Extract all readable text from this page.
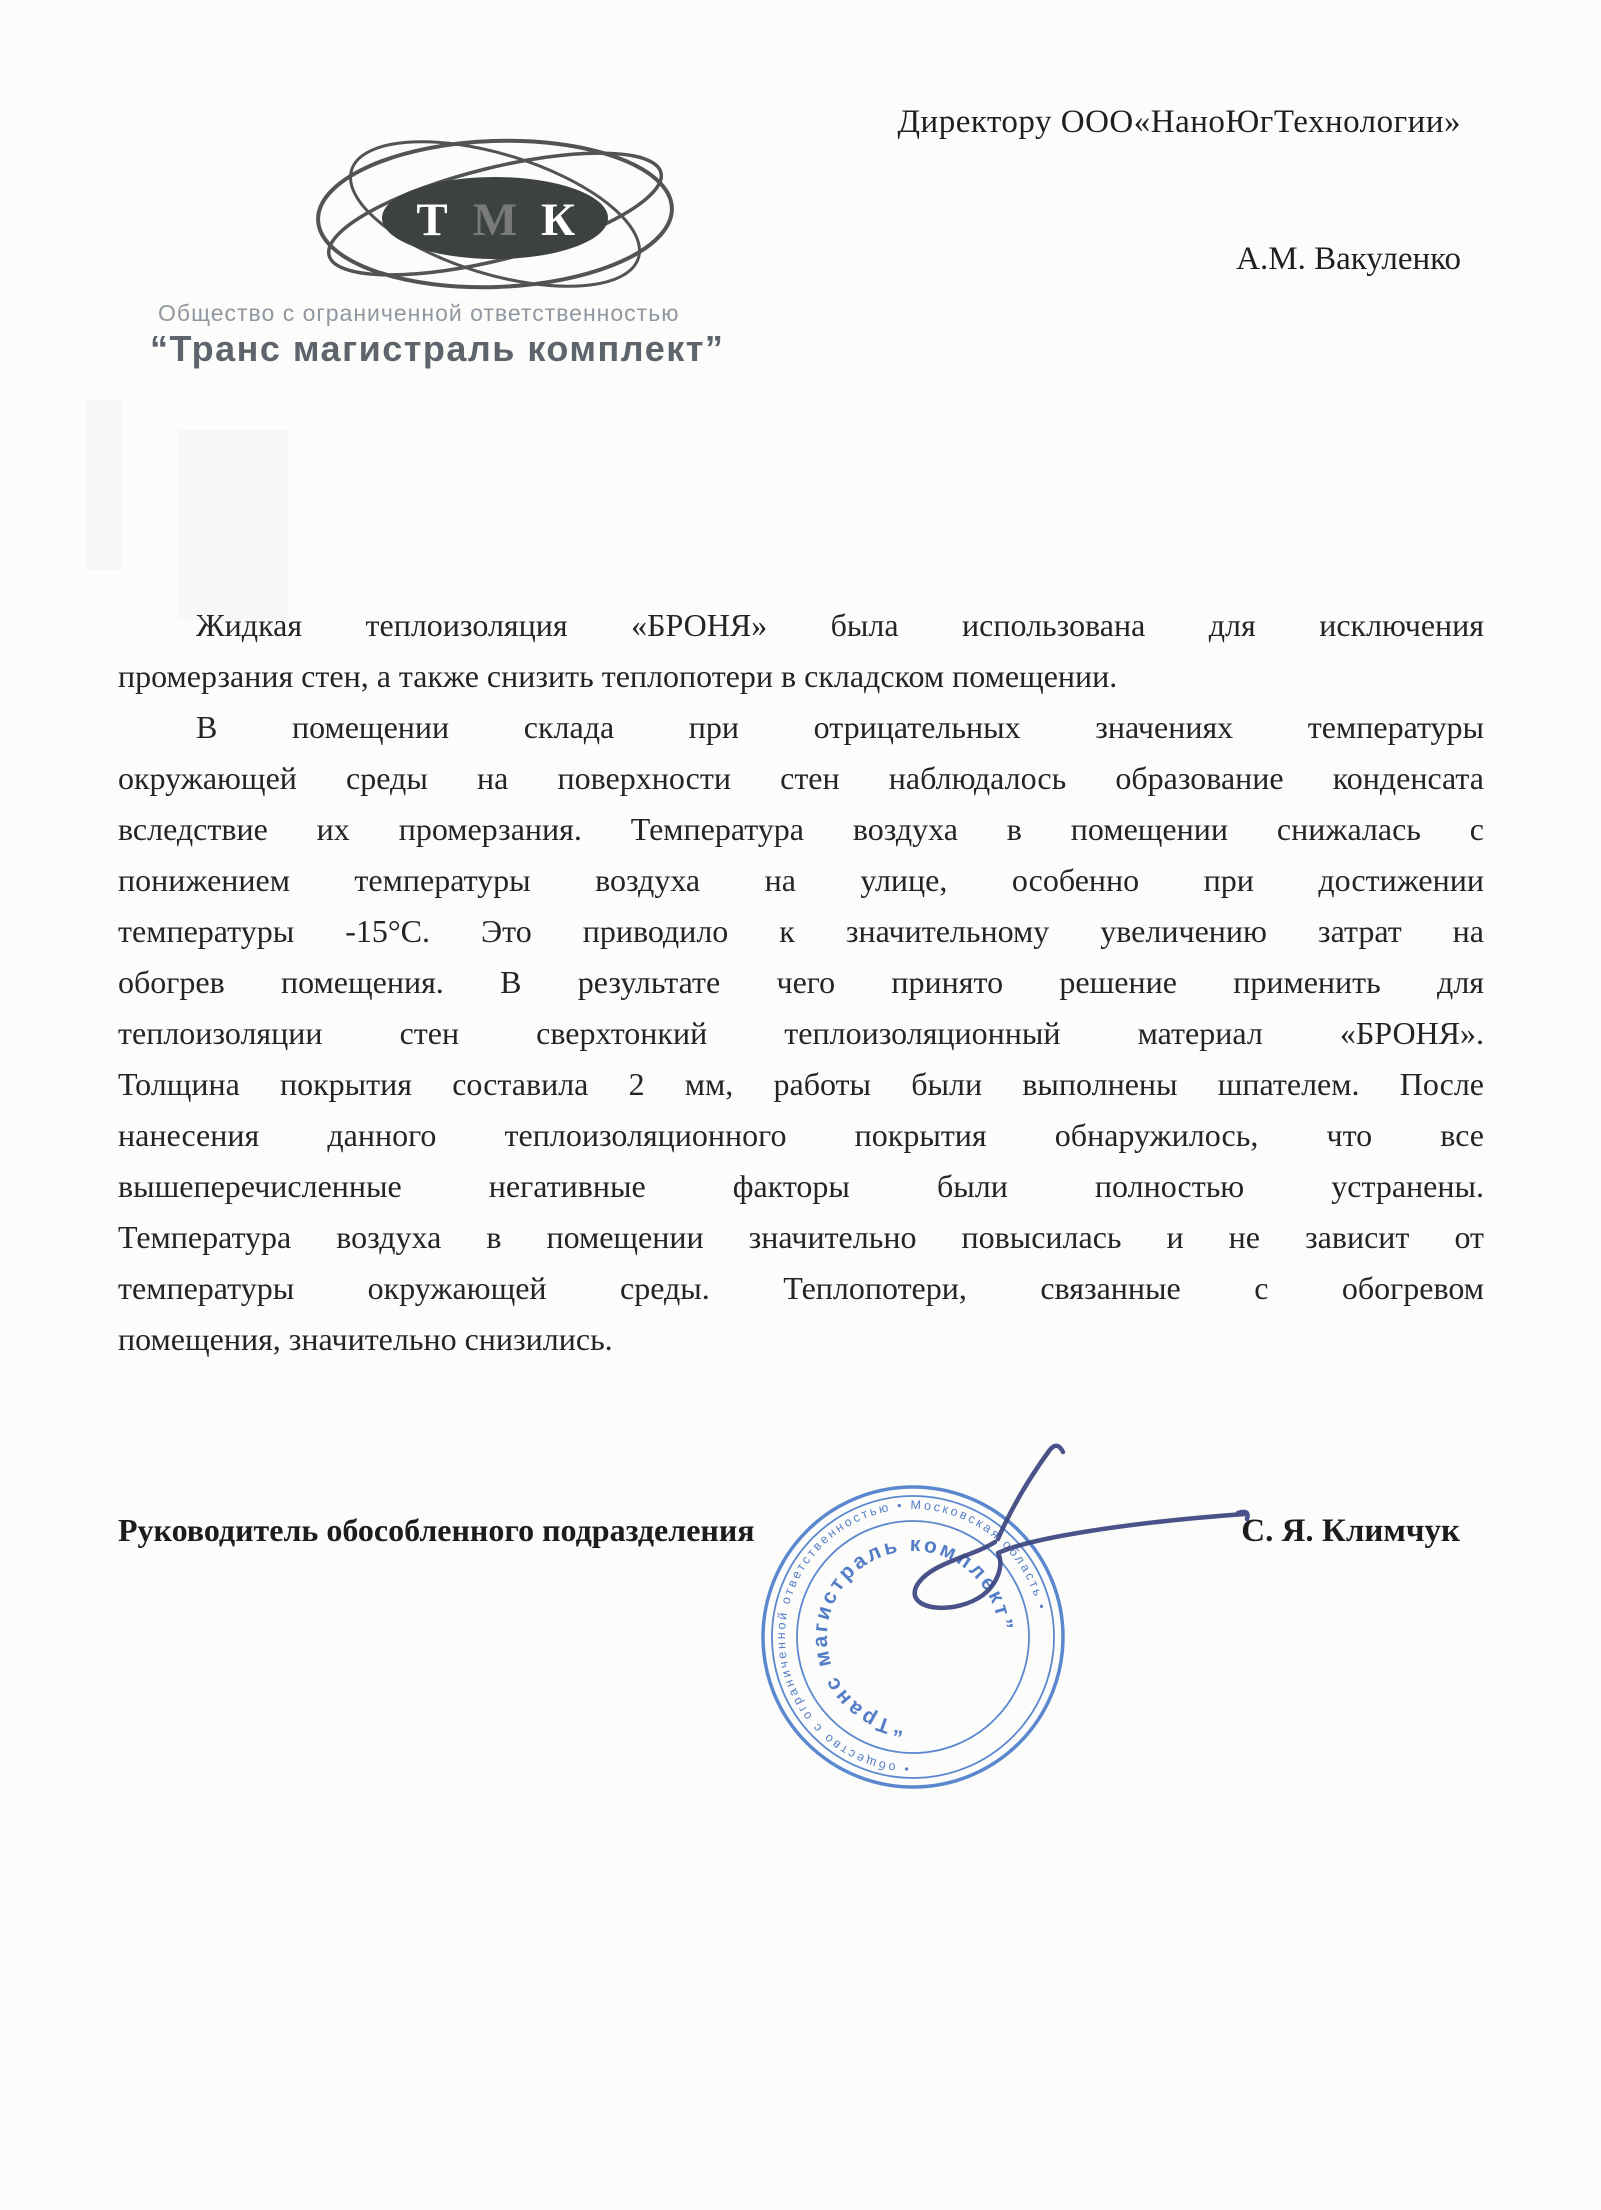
Т М К
Общество с ограниченной ответственностью
“Транс магистраль комплект”
Директору ООО«НаноЮгТехнологии»
А.М. Вакуленко
Жидкая теплоизоляция «БРОНЯ» была использована для исключения
промерзания стен, а также снизить теплопотери в складском помещении.
В помещении склада при отрицательных значениях температуры
окружающей среды на поверхности стен наблюдалось образование конденсата
вследствие их промерзания. Температура воздуха в помещении снижалась с
понижением температуры воздуха на улице, особенно при достижении
температуры -15°С. Это приводило к значительному увеличению затрат на
обогрев помещения. В результате чего принято решение применить для
теплоизоляции стен сверхтонкий теплоизоляционный материал «БРОНЯ».
Толщина покрытия составила 2 мм, работы были выполнены шпателем. После
нанесения данного теплоизоляционного покрытия обнаружилось, что все
вышеперечисленные негативные факторы были полностью устранены.
Температура воздуха в помещении значительно повысилась и не зависит от
температуры окружающей среды. Теплопотери, связанные с обогревом
помещения, значительно снизились.
Руководитель обособленного подразделения	С. Я. Климчук
• общество с ограниченной ответственностью • Московская область •
“Транс магистраль комплект”
